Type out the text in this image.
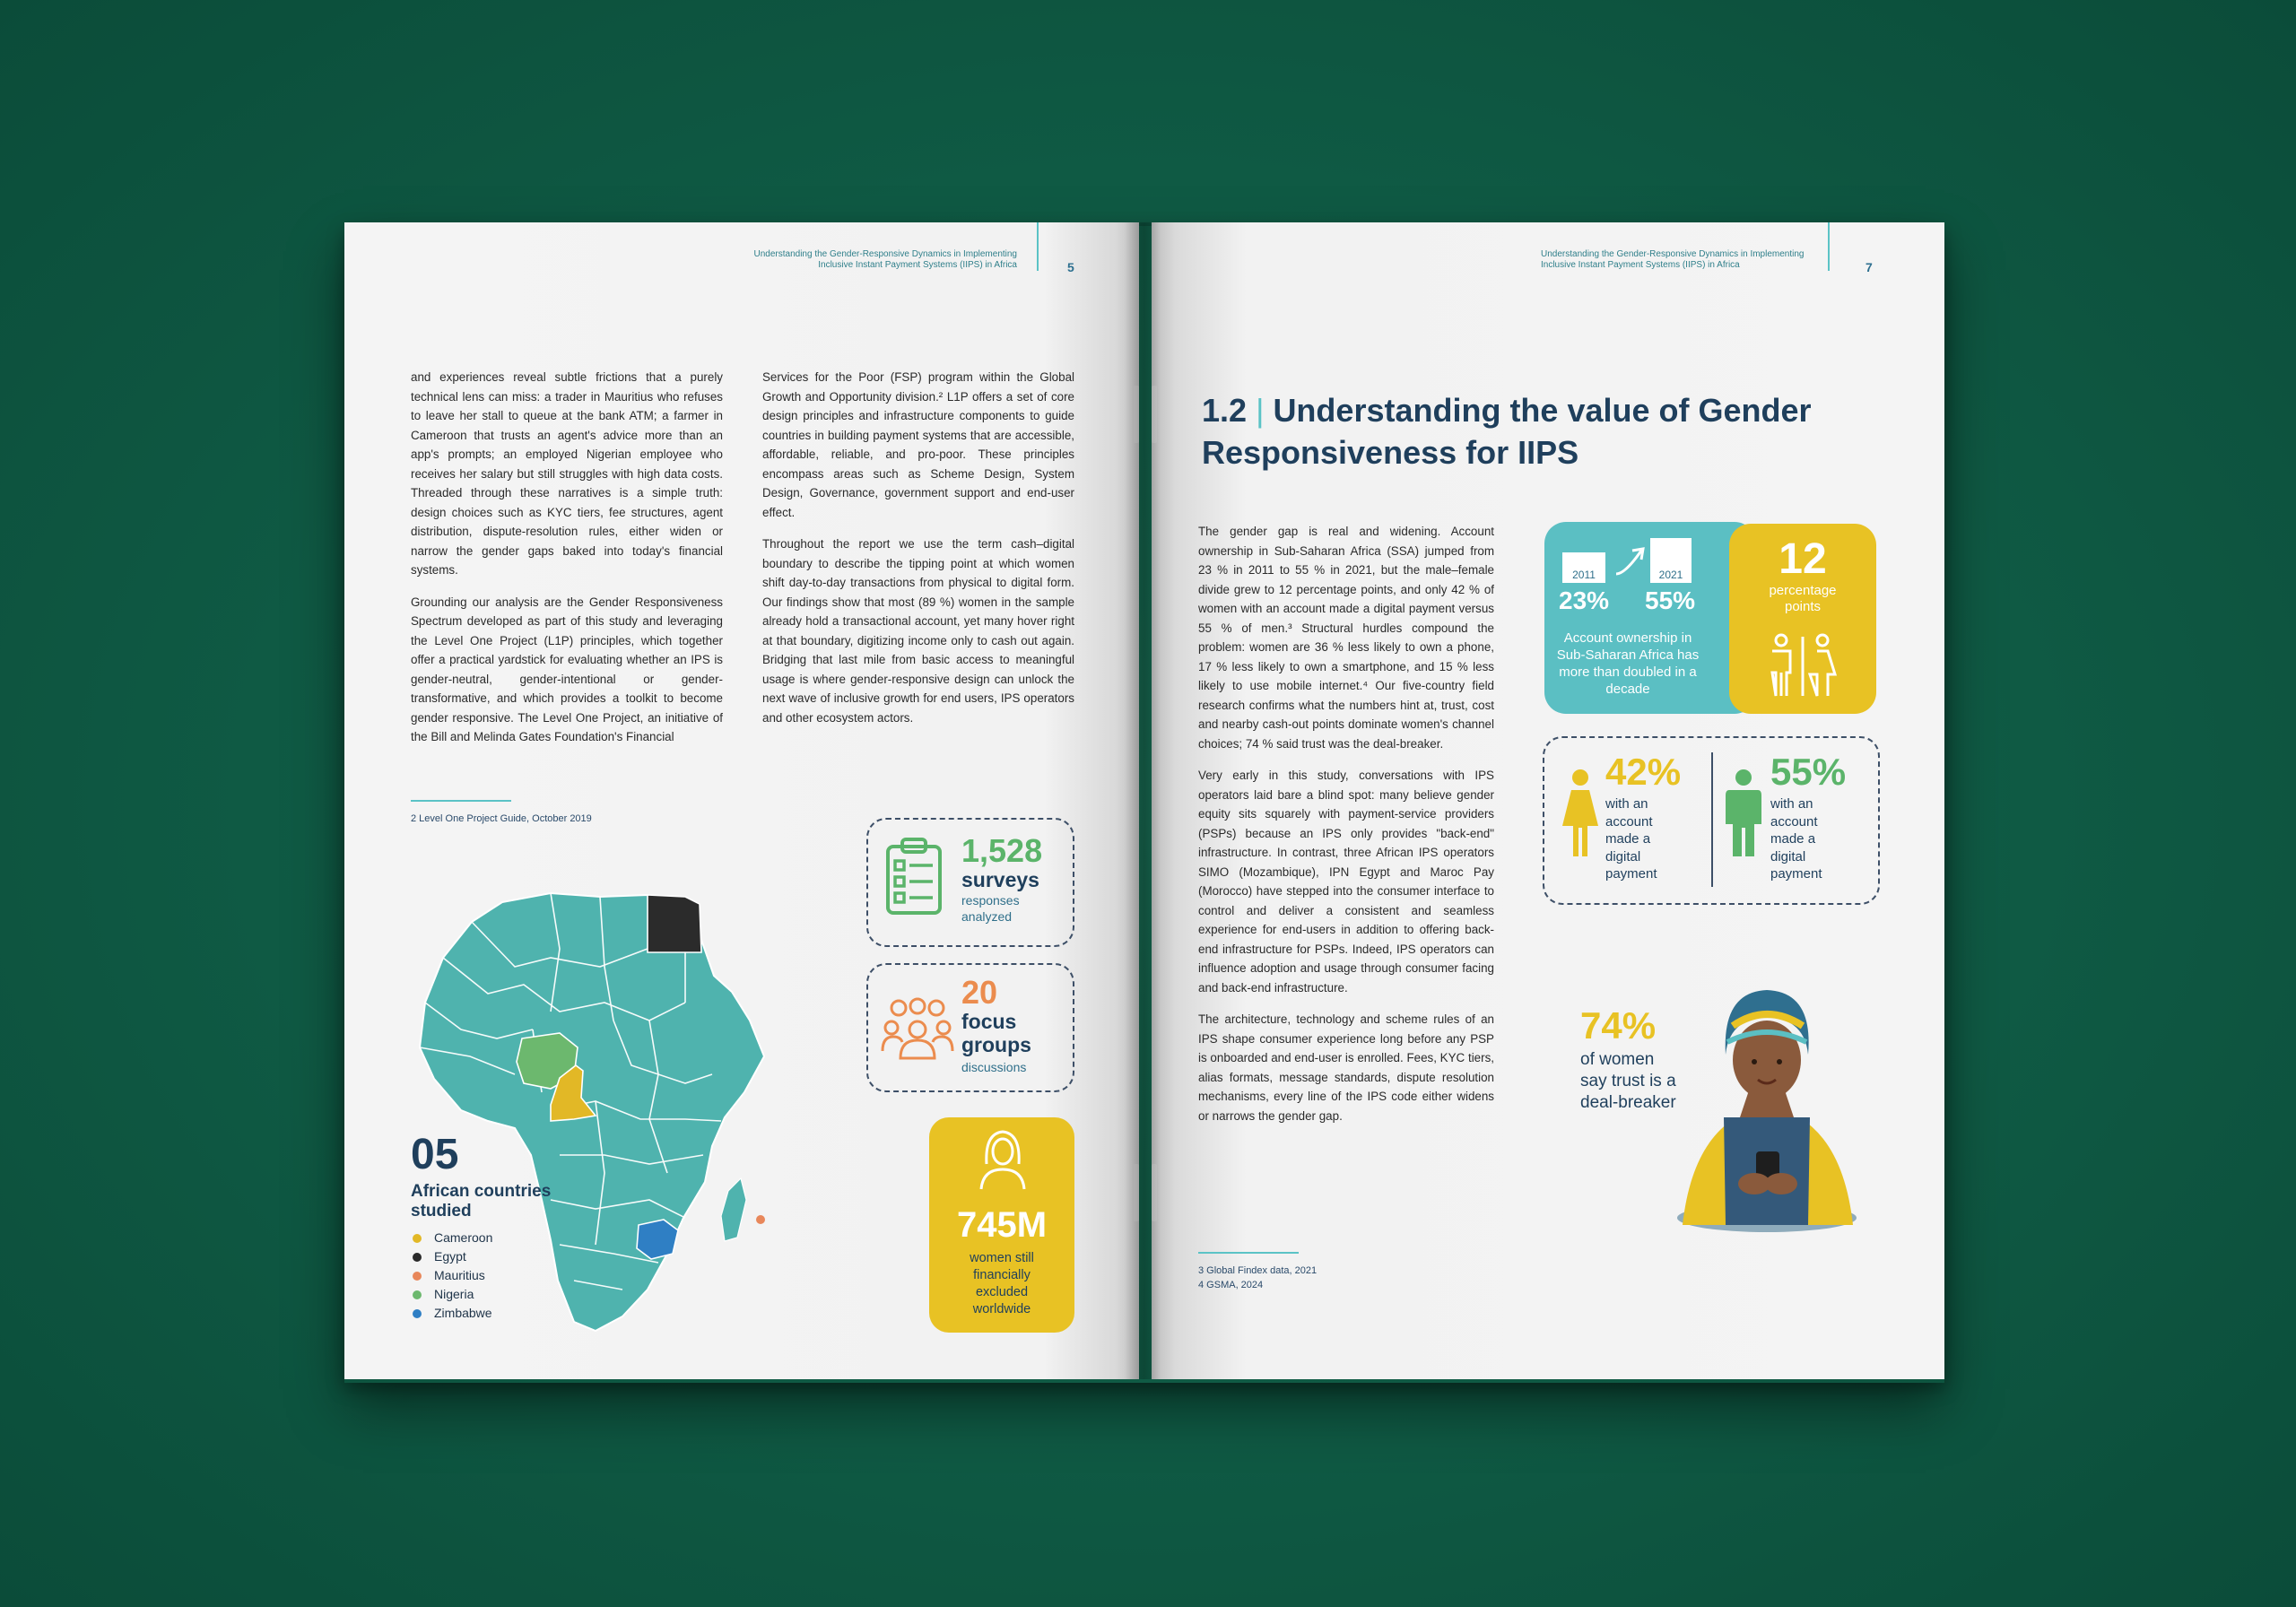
Understanding the Gender-Responsive Dynamics in Implementing Inclusive Instant Payment Systems (IIPS) in Africa	5

and experiences reveal subtle frictions that a purely technical lens can miss: a trader in Mauritius who refuses to leave her stall to queue at the bank ATM; a farmer in Cameroon that trusts an agent's advice more than an app's prompts; an employed Nigerian employee who receives her salary but still struggles with high data costs. Threaded through these narratives is a simple truth: design choices such as KYC tiers, fee structures, agent distribution, dispute-resolution rules, either widen or narrow the gender gaps baked into today's financial systems.

Grounding our analysis are the Gender Responsiveness Spectrum developed as part of this study and leveraging the Level One Project (L1P) principles, which together offer a practical yardstick for evaluating whether an IPS is gender-neutral, gender-intentional or gender-transformative, and which provides a toolkit to become gender responsive. The Level One Project, an initiative of the Bill and Melinda Gates Foundation's Financial

Services for the Poor (FSP) program within the Global Growth and Opportunity division.² L1P offers a set of core design principles and infrastructure components to guide countries in building payment systems that are accessible, affordable, reliable, and pro-poor. These principles encompass areas such as Scheme Design, System Design, Governance, government support and end-user effect.

Throughout the report we use the term cash–digital boundary to describe the tipping point at which women shift day-to-day transactions from physical to digital form. Our findings show that most (89 %) women in the sample already hold a transactional account, yet many hover right at that boundary, digitizing income only to cash out again. Bridging that last mile from basic access to meaningful usage is where gender-responsive design can unlock the next wave of inclusive growth for end users, IPS operators and other ecosystem actors.

2 Level One Project Guide, October 2019
05
African countries studied
Cameroon
Egypt
Mauritius
Nigeria
Zimbabwe
1,528
surveys
responses
analyzed
20
focus
groups
discussions
745M
women still
financially
excluded
worldwide
Understanding the Gender-Responsive Dynamics in Implementing Inclusive Instant Payment Systems (IIPS) in Africa	7
1.2 | Understanding the value of Gender
Responsiveness for IIPS

The gender gap is real and widening. Account ownership in Sub-Saharan Africa (SSA) jumped from 23 % in 2011 to 55 % in 2021, but the male–female divide grew to 12 percentage points, and only 42 % of women with an account made a digital payment versus 55 % of men.³ Structural hurdles compound the problem: women are 36 % less likely to own a phone, 17 % less likely to own a smartphone, and 15 % less likely to use mobile internet.⁴ Our five-country field research confirms what the numbers hint at, trust, cost and nearby cash-out points dominate women's channel choices; 74 % said trust was the deal-breaker.

Very early in this study, conversations with IPS operators laid bare a blind spot: many believe gender equity sits squarely with payment-service providers (PSPs) because an IPS only provides "back-end" infrastructure. In contrast, three African IPS operators SIMO (Mozambique), IPN Egypt and Maroc Pay (Morocco) have stepped into the consumer interface to control and deliver a consistent and seamless experience for end-users in addition to offering back-end infrastructure for PSPs. Indeed, IPS operators can influence adoption and usage through consumer facing and back-end infrastructure.

The architecture, technology and scheme rules of an IPS shape consumer experience long before any PSP is onboarded and end-user is enrolled. Fees, KYC tiers, alias formats, message standards, dispute resolution mechanisms, every line of the IPS code either widens or narrows the gender gap.

3 Global Findex data, 2021
4 GSMA, 2024
2011	2021
23% 55%
Account ownership in Sub-Saharan Africa has more than doubled in a decade
12
percentage
points
42%
with an account made a digital payment
55%
with an account made a digital payment
74%
of women
say trust is a
deal-breaker
